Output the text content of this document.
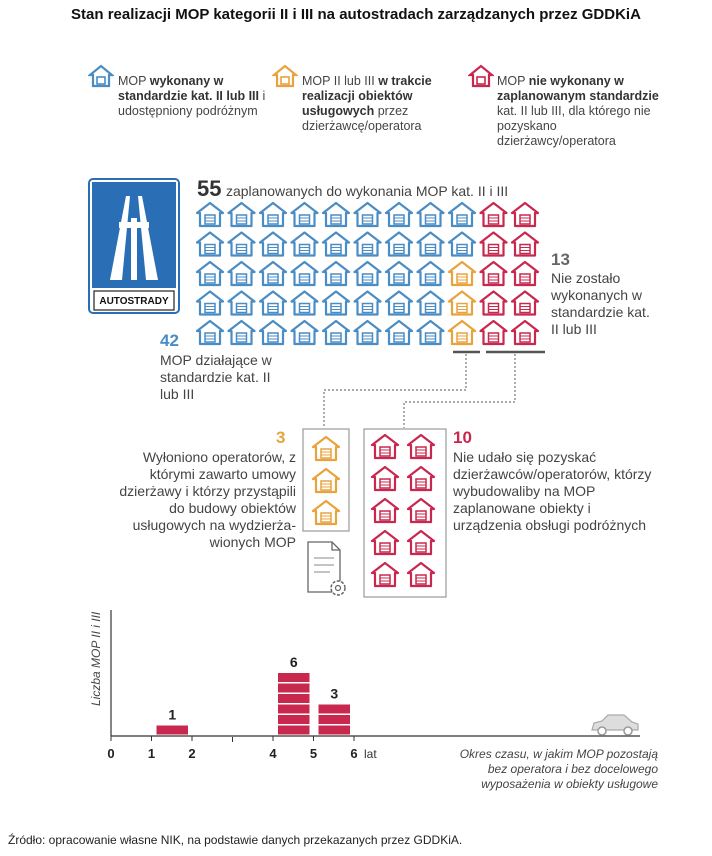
Stan realizacji MOP kategorii II i III na autostradach zarządzanych przez GDDKiA
MOP wykonany w standardzie kat. II lub III i udostępniony podróżnym
MOP II lub III w trakcie realizacji obiektów usługowych przez dzierżawcę/operatora
MOP nie wykonany w zaplanowanym standardzie kat. II lub III, dla którego nie pozyskano dzierżawcy/operatora
AUTOSTRADY
55 zaplanowanych do wykonania MOP kat. II i III
13
Nie zostało wykonanych w standardzie kat. II lub III
42
MOP działające w standardzie kat. II lub III
3
Wyłoniono operatorów, z którymi zawarto umowy dzierżawy i którzy przystąpili do budowy obiektów usługowych na wydzierża-wionych MOP
10
Nie udało się pozyskać dzierżawców/operatorów, którzy wybudowaliby na MOP zaplanowane obiekty i urządzenia obsługi podróżnych
Liczba MOP II i III
0	1	2	4	5	6 lat
1
6
3
Okres czasu, w jakim MOP pozostają bez operatora i bez docelowego wyposażenia w obiekty usługowe
Źródło: opracowanie własne NIK, na podstawie danych przekazanych przez GDDKiA.
